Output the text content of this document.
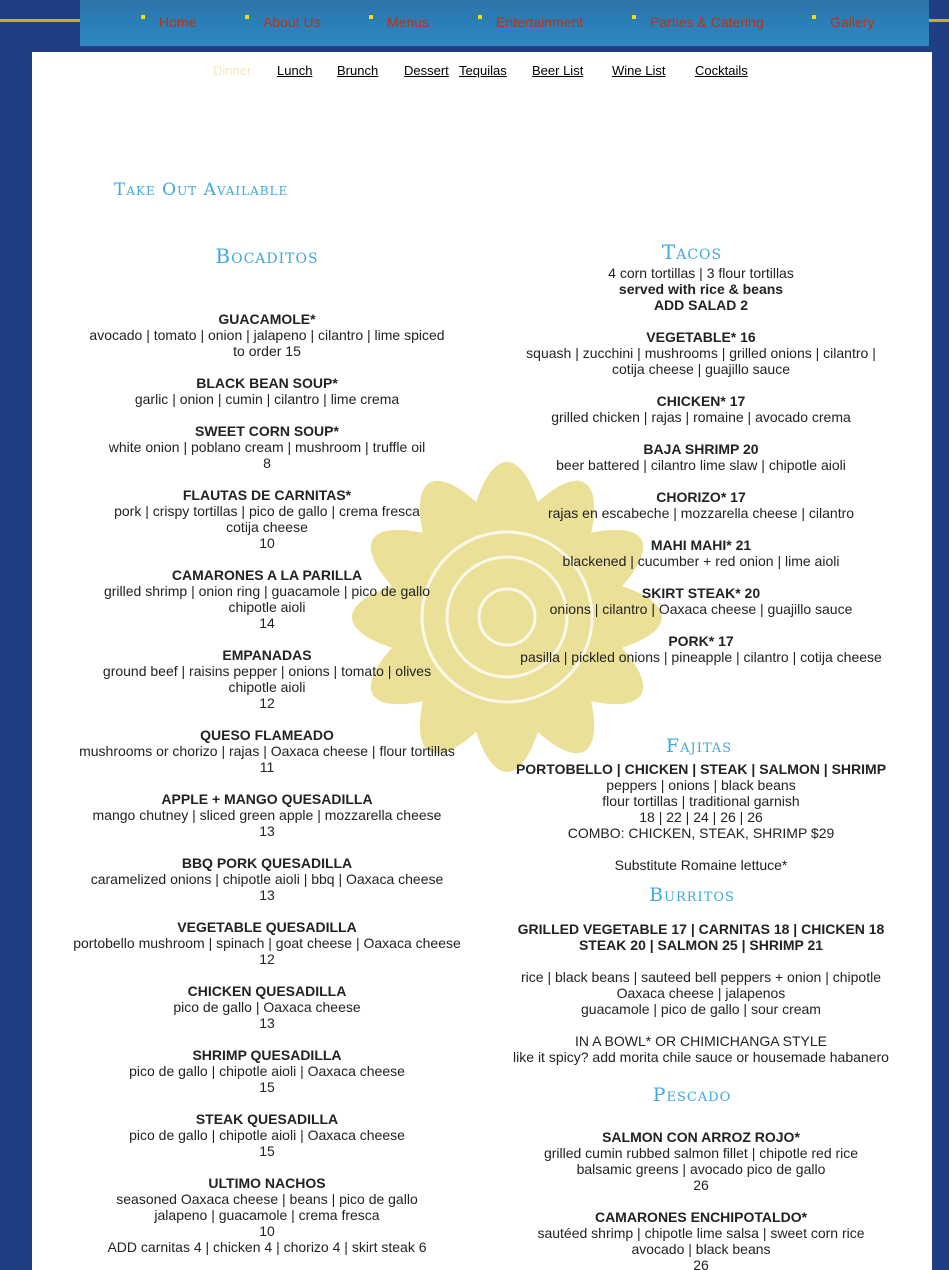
Home	About Us	Menus	Entertainment	Parties & Catering	Gallery
Dinner Lunch Brunch Dessert Tequilas Beer List Wine List Cocktails
Take Out Available
Bocaditos	Tacos
GUACAMOLE*
avocado | tomato | onion | jalapeno | cilantro | lime spiced to order 15
BLACK BEAN SOUP*
garlic | onion | cumin | cilantro | lime crema
SWEET CORN SOUP*
white onion | poblano cream | mushroom | truffle oil
8
FLAUTAS DE CARNITAS*
pork | crispy tortillas | pico de gallo | crema fresca cotija cheese
10
CAMARONES A LA PARILLA
grilled shrimp | onion ring | guacamole | pico de gallo chipotle aioli
14
EMPANADAS
ground beef | raisins pepper | onions | tomato | olives chipotle aioli
12
QUESO FLAMEADO
mushrooms or chorizo | rajas | Oaxaca cheese | flour tortillas
11
APPLE + MANGO QUESADILLA
mango chutney | sliced green apple | mozzarella cheese
13
BBQ PORK QUESADILLA
caramelized onions | chipotle aioli | bbq | Oaxaca cheese
13
VEGETABLE QUESADILLA
portobello mushroom | spinach | goat cheese | Oaxaca cheese
12
CHICKEN QUESADILLA
pico de gallo | Oaxaca cheese
13
SHRIMP QUESADILLA
pico de gallo | chipotle aioli | Oaxaca cheese
15
STEAK QUESADILLA
pico de gallo | chipotle aioli | Oaxaca cheese
15
ULTIMO NACHOS
seasoned Oaxaca cheese | beans | pico de gallo jalapeno | guacamole | crema fresca
10
ADD carnitas 4 | chicken 4 | chorizo 4 | skirt steak 6
4 corn tortillas | 3 flour tortillas
served with rice & beans
ADD SALAD 2
VEGETABLE* 16
squash | zucchini | mushrooms | grilled onions | cilantro | cotija cheese | guajillo sauce
CHICKEN* 17
grilled chicken | rajas | romaine | avocado crema
BAJA SHRIMP 20
beer battered | cilantro lime slaw | chipotle aioli
CHORIZO* 17
rajas en escabeche | mozzarella cheese | cilantro
MAHI MAHI* 21
blackened | cucumber + red onion | lime aioli
SKIRT STEAK* 20
onions | cilantro | Oaxaca cheese | guajillo sauce
PORK* 17
pasilla | pickled onions | pineapple | cilantro | cotija cheese
Fajitas
PORTOBELLO | CHICKEN | STEAK | SALMON | SHRIMP
peppers | onions | black beans
flour tortillas | traditional garnish
18 | 22 | 24 | 26 | 26
COMBO: CHICKEN, STEAK, SHRIMP $29
Substitute Romaine lettuce*
Burritos
GRILLED VEGETABLE 17 | CARNITAS 18 | CHICKEN 18
STEAK 20 | SALMON 25 | SHRIMP 21
rice | black beans | sauteed bell peppers + onion | chipotle
Oaxaca cheese | jalapenos
guacamole | pico de gallo | sour cream
IN A BOWL* OR CHIMICHANGA STYLE
like it spicy? add morita chile sauce or housemade habanero
Pescado
SALMON CON ARROZ ROJO*
grilled cumin rubbed salmon fillet | chipotle red rice balsamic greens | avocado pico de gallo
26
CAMARONES ENCHIPOTALDO*
sautéed shrimp | chipotle lime salsa | sweet corn rice avocado | black beans
26
